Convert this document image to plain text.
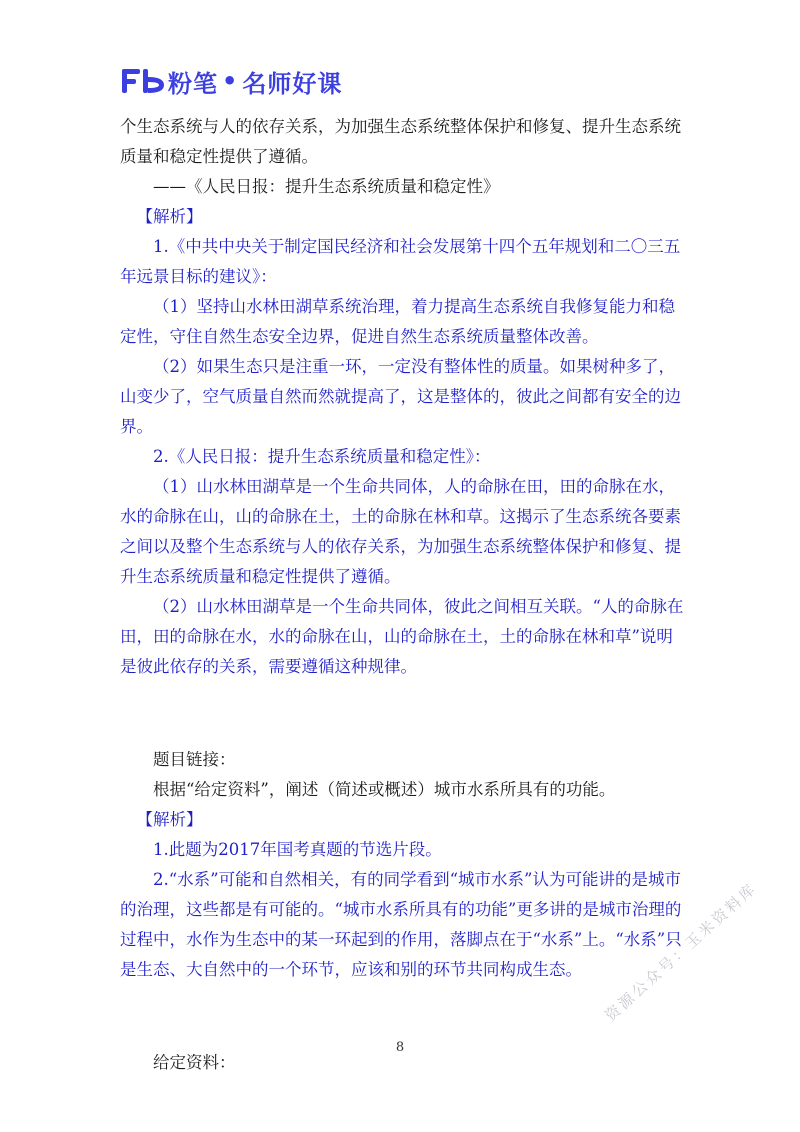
粉笔 • 名师好课

个生态系统与人的依存关系，为加强生态系统整体保护和修复、提升生态系统质量和稳定性提供了遵循。

——《人民日报：提升生态系统质量和稳定性》

【解析】

1.《中共中央关于制定国民经济和社会发展第十四个五年规划和二〇三五年远景目标的建议》：

（1）坚持山水林田湖草系统治理，着力提高生态系统自我修复能力和稳定性，守住自然生态安全边界，促进自然生态系统质量整体改善。

（2）如果生态只是注重一环，一定没有整体性的质量。如果树种多了，山变少了，空气质量自然而然就提高了，这是整体的，彼此之间都有安全的边界。

2.《人民日报：提升生态系统质量和稳定性》：

（1）山水林田湖草是一个生命共同体，人的命脉在田，田的命脉在水，水的命脉在山，山的命脉在土，土的命脉在林和草。这揭示了生态系统各要素之间以及整个生态系统与人的依存关系，为加强生态系统整体保护和修复、提升生态系统质量和稳定性提供了遵循。

（2）山水林田湖草是一个生命共同体，彼此之间相互关联。“人的命脉在田，田的命脉在水，水的命脉在山，山的命脉在土，土的命脉在林和草”说明是彼此依存的关系，需要遵循这种规律。

题目链接：

根据“给定资料”，阐述（简述或概述）城市水系所具有的功能。

【解析】

1.此题为2017年国考真题的节选片段。

2.“水系”可能和自然相关，有的同学看到“城市水系”认为可能讲的是城市的治理，这些都是有可能的。“城市水系所具有的功能”更多讲的是城市治理的过程中，水作为生态中的某一环起到的作用，落脚点在于“水系”上。“水系”只是生态、大自然中的一个环节，应该和别的环节共同构成生态。

给定资料：

8
资源公众号：玉米资料库
